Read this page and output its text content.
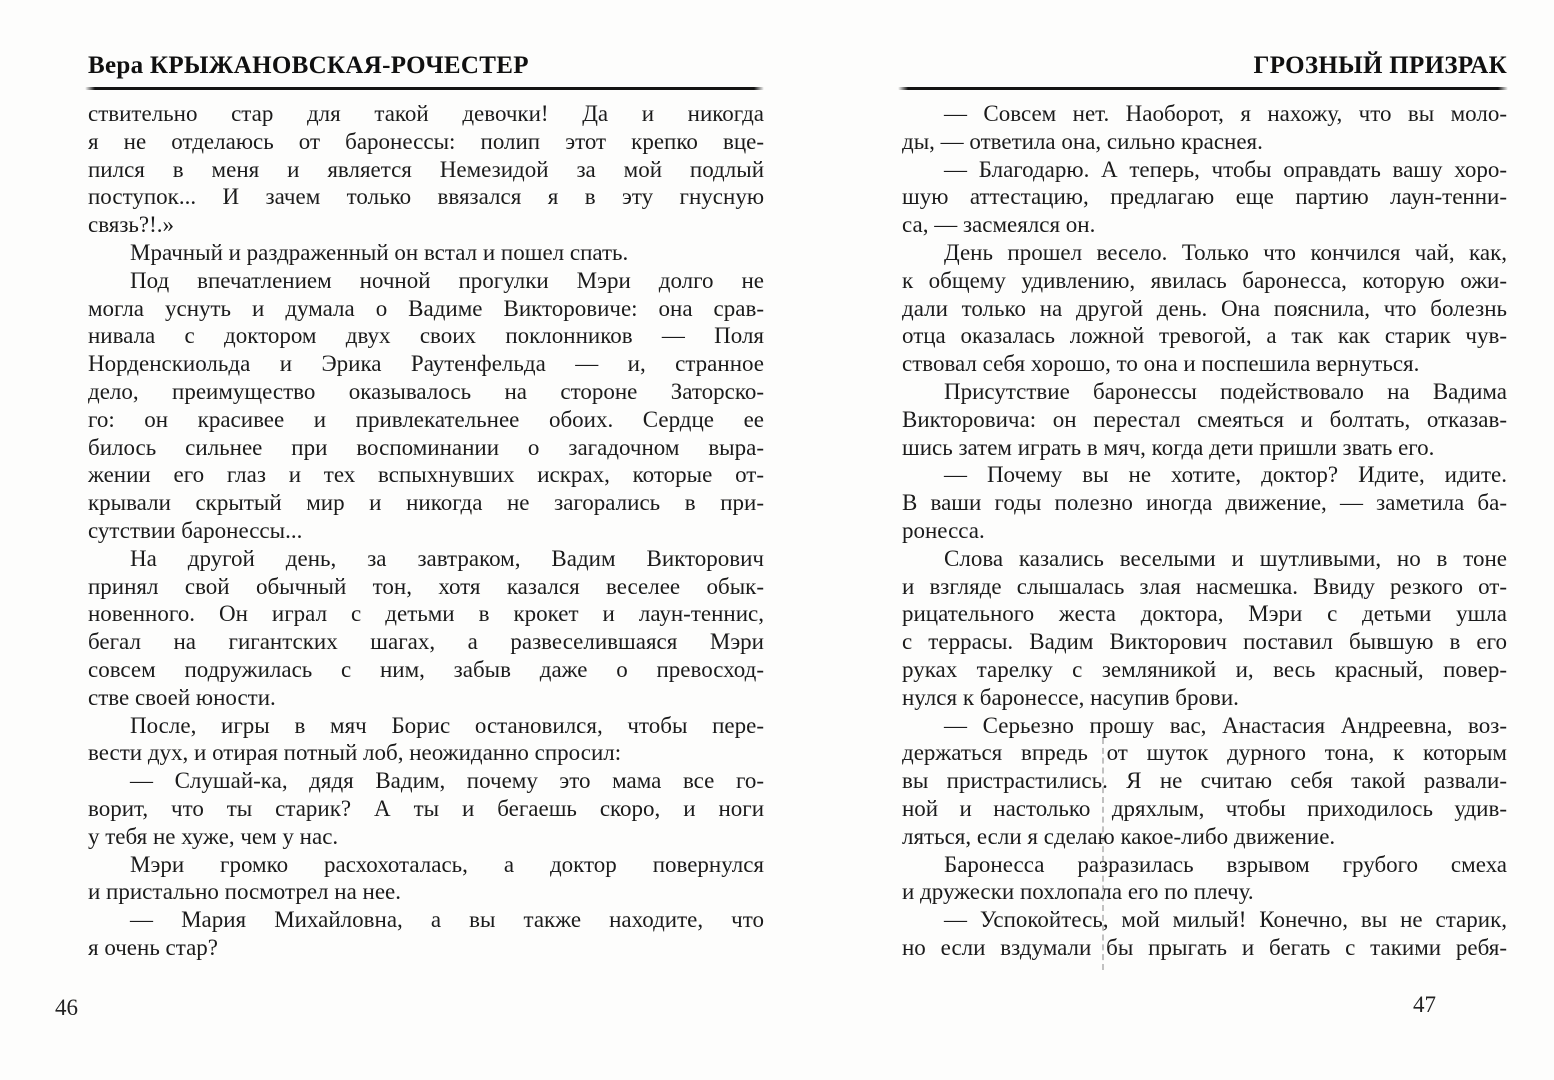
Вера КРЫЖАНОВСКАЯ-РОЧЕСТЕР
ствительно стар для такой девочки! Да и никогда
я не отделаюсь от баронессы: полип этот крепко вце-
пился в меня и является Немезидой за мой подлый
поступок... И зачем только ввязался я в эту гнусную
связь?!.»
Мрачный и раздраженный он встал и пошел спать.
Под впечатлением ночной прогулки Мэри долго не
могла уснуть и думала о Вадиме Викторовиче: она срав-
нивала с доктором двух своих поклонников — Поля
Норденскиольда и Эрика Раутенфельда — и, странное
дело, преимущество оказывалось на стороне Заторско-
го: он красивее и привлекательнее обоих. Сердце ее
билось сильнее при воспоминании о загадочном выра-
жении его глаз и тех вспыхнувших искрах, которые от-
крывали скрытый мир и никогда не загорались в при-
сутствии баронессы...
На другой день, за завтраком, Вадим Викторович
принял свой обычный тон, хотя казался веселее обык-
новенного. Он играл с детьми в крокет и лаун-теннис,
бегал на гигантских шагах, а развеселившаяся Мэри
совсем подружилась с ним, забыв даже о превосход-
стве своей юности.
После, игры в мяч Борис остановился, чтобы пере-
вести дух, и отирая потный лоб, неожиданно спросил:
— Слушай-ка, дядя Вадим, почему это мама все го-
ворит, что ты старик? А ты и бегаешь скоро, и ноги
у тебя не хуже, чем у нас.
Мэри громко расхохоталась, а доктор повернулся
и пристально посмотрел на нее.
— Мария Михайловна, а вы также находите, что
я очень стар?
46
ГРОЗНЫЙ ПРИЗРАК
— Совсем нет. Наоборот, я нахожу, что вы моло-
ды, — ответила она, сильно краснея.
— Благодарю. А теперь, чтобы оправдать вашу хоро-
шую аттестацию, предлагаю еще партию лаун-тенни-
са, — засмеялся он.
День прошел весело. Только что кончился чай, как,
к общему удивлению, явилась баронесса, которую ожи-
дали только на другой день. Она пояснила, что болезнь
отца оказалась ложной тревогой, а так как старик чув-
ствовал себя хорошо, то она и поспешила вернуться.
Присутствие баронессы подействовало на Вадима
Викторовича: он перестал смеяться и болтать, отказав-
шись затем играть в мяч, когда дети пришли звать его.
— Почему вы не хотите, доктор? Идите, идите.
В ваши годы полезно иногда движение, — заметила ба-
ронесса.
Слова казались веселыми и шутливыми, но в тоне
и взгляде слышалась злая насмешка. Ввиду резкого от-
рицательного жеста доктора, Мэри с детьми ушла
с террасы. Вадим Викторович поставил бывшую в его
руках тарелку с земляникой и, весь красный, повер-
нулся к баронессе, насупив брови.
— Серьезно прошу вас, Анастасия Андреевна, воз-
держаться впредь от шуток дурного тона, к которым
вы пристрастились. Я не считаю себя такой развали-
ной и настолько дряхлым, чтобы приходилось удив-
ляться, если я сделаю какое-либо движение.
Баронесса разразилась взрывом грубого смеха
и дружески похлопала его по плечу.
— Успокойтесь, мой милый! Конечно, вы не старик,
но если вздумали бы прыгать и бегать с такими ребя-
47
